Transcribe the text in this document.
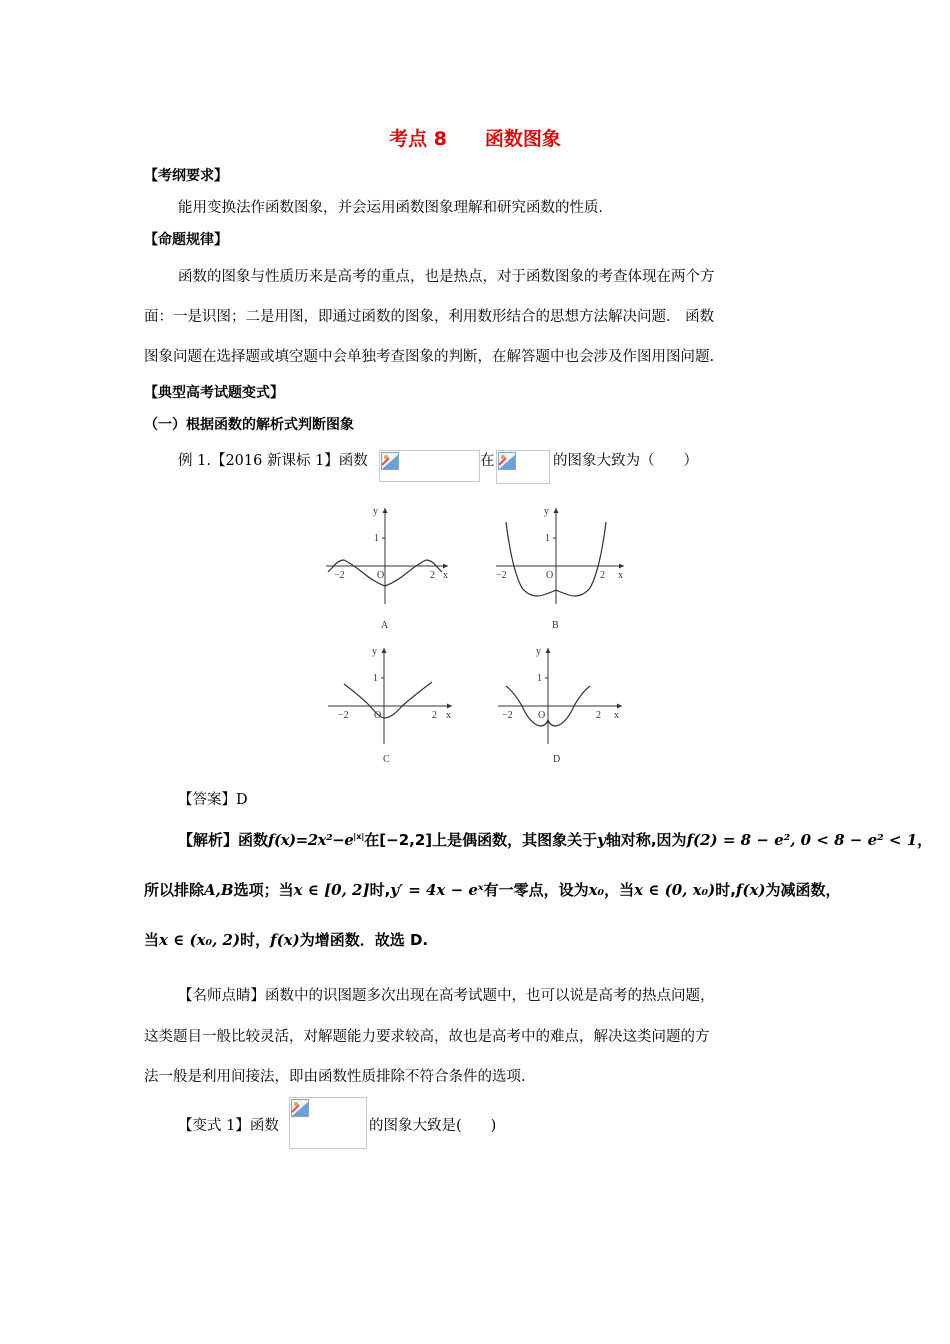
考点 8 函数图象
【考纲要求】
能用变换法作函数图象，并会运用函数图象理解和研究函数的性质．
【命题规律】
函数的图象与性质历来是高考的重点，也是热点，对于函数图象的考查体现在两个方
面：一是识图；二是用图，即通过函数的图象，利用数形结合的思想方法解决问题． 函数
图象问题在选择题或填空题中会单独考查图象的判断，在解答题中也会涉及作图用图问题.
【典型高考试题变式】
（一）根据函数的解析式判断图象
例 1.【2016 新课标 1】函数	在	的图象大致为（　　）
y
1
−2	O	2 x
A
y
1
−2	O	2 x
B
y
1
−2	O	2 x
C
y
1
−2	O	2 x
D
【答案】D
【解析】函数$f(x)=2x^2-e^{|x|}$在[−2,2]上是偶函数，其图象关于y轴对称,因为f(2) = 8 − e², 0 < 8 − e² < 1，
所以排除A,B选项；当x ∈ [0, 2]时,y′ = 4x − eˣ有一零点，设为x₀，当x ∈ (0, x₀)时,f(x)为减函数，
当x ∈ (x₀, 2)时，f(x)为增函数．故选 D.
【名师点睛】函数中的识图题多次出现在高考试题中，也可以说是高考的热点问题，
这类题目一般比较灵活，对解题能力要求较高，故也是高考中的难点，解决这类问题的方
法一般是利用间接法，即由函数性质排除不符合条件的选项.
【变式 1】函数	的图象大致是(　　)
